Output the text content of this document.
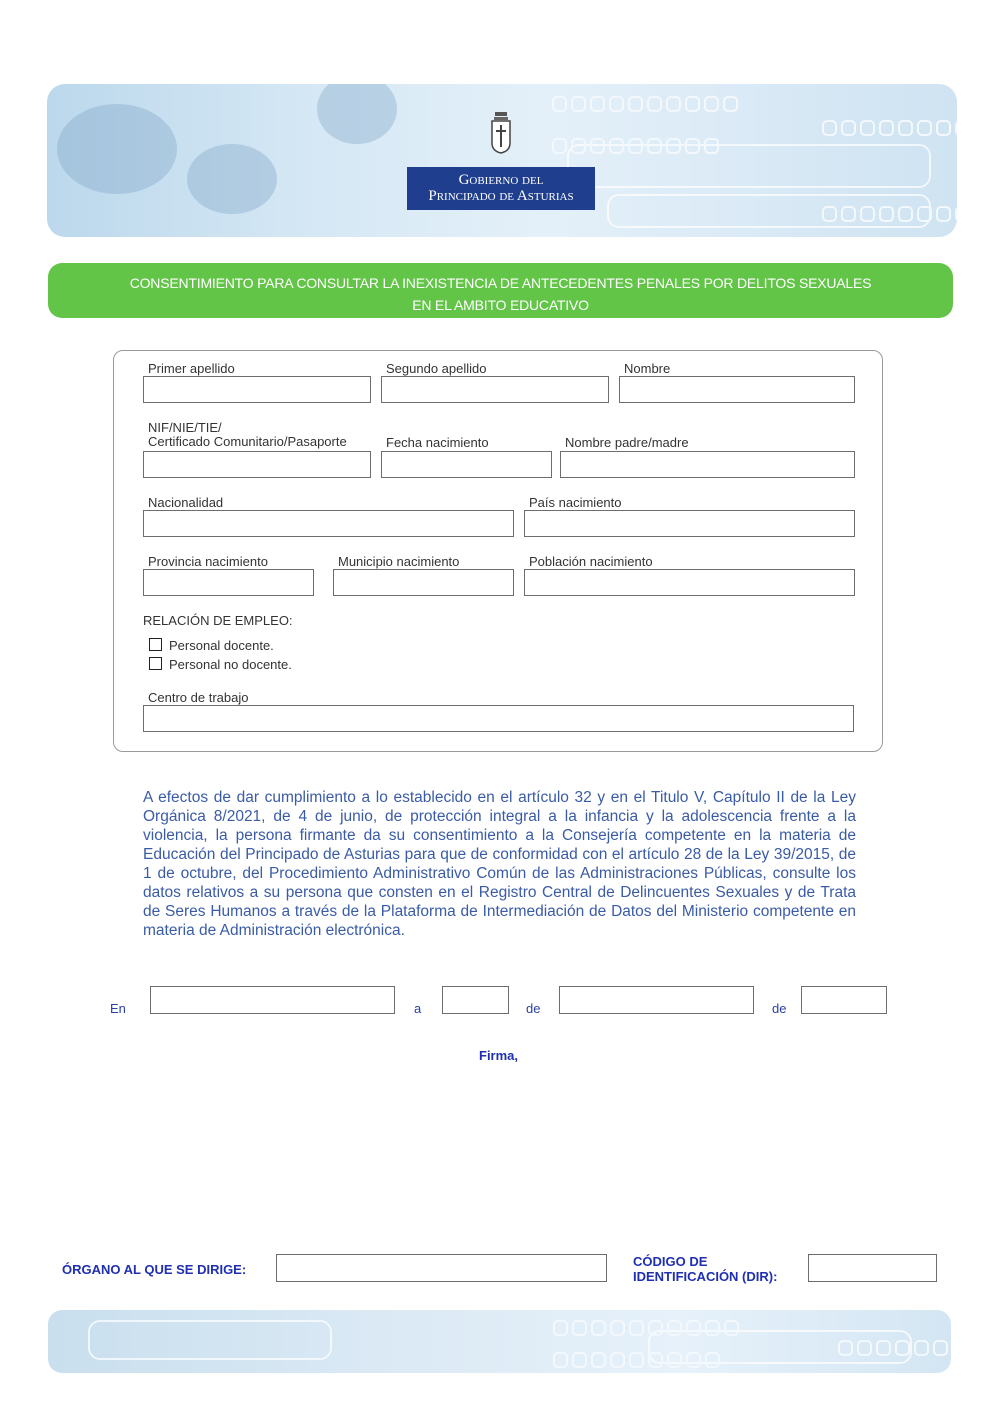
Gobierno del
Principado de Asturias
CONSENTIMIENTO PARA CONSULTAR LA INEXISTENCIA DE ANTECEDENTES PENALES POR DELITOS SEXUALES
EN EL AMBITO EDUCATIVO
Primer apellido	Segundo apellido	Nombre
NIF/NIE/TIE/
Certificado Comunitario/Pasaporte	Fecha nacimiento	Nombre padre/madre
Nacionalidad	País nacimiento
Provincia nacimiento	Municipio nacimiento	Población nacimiento
RELACIÓN DE EMPLEO:
Personal docente.
Personal no docente.
Centro de trabajo
A efectos de dar cumplimiento a lo establecido en el artículo 32 y en el Titulo V, Capítulo II de la Ley Orgánica 8/2021, de 4 de junio, de protección integral a la infancia y la adolescencia frente a la violencia, la persona firmante da su consentimiento a la Consejería competente en la materia de Educación del Principado de Asturias para que de conformidad con el artículo 28 de la Ley 39/2015, de 1 de octubre, del Procedimiento Administrativo Común de las Administraciones Públicas, consulte los datos relativos a su persona que consten en el Registro Central de Delincuentes Sexuales y de Trata de Seres Humanos a través de la Plataforma de Intermediación de Datos del Ministerio competente en materia de Administración electrónica.
En	a	de	de
Firma,
ÓRGANO AL QUE SE DIRIGE:
CÓDIGO DE
IDENTIFICACIÓN (DIR):
